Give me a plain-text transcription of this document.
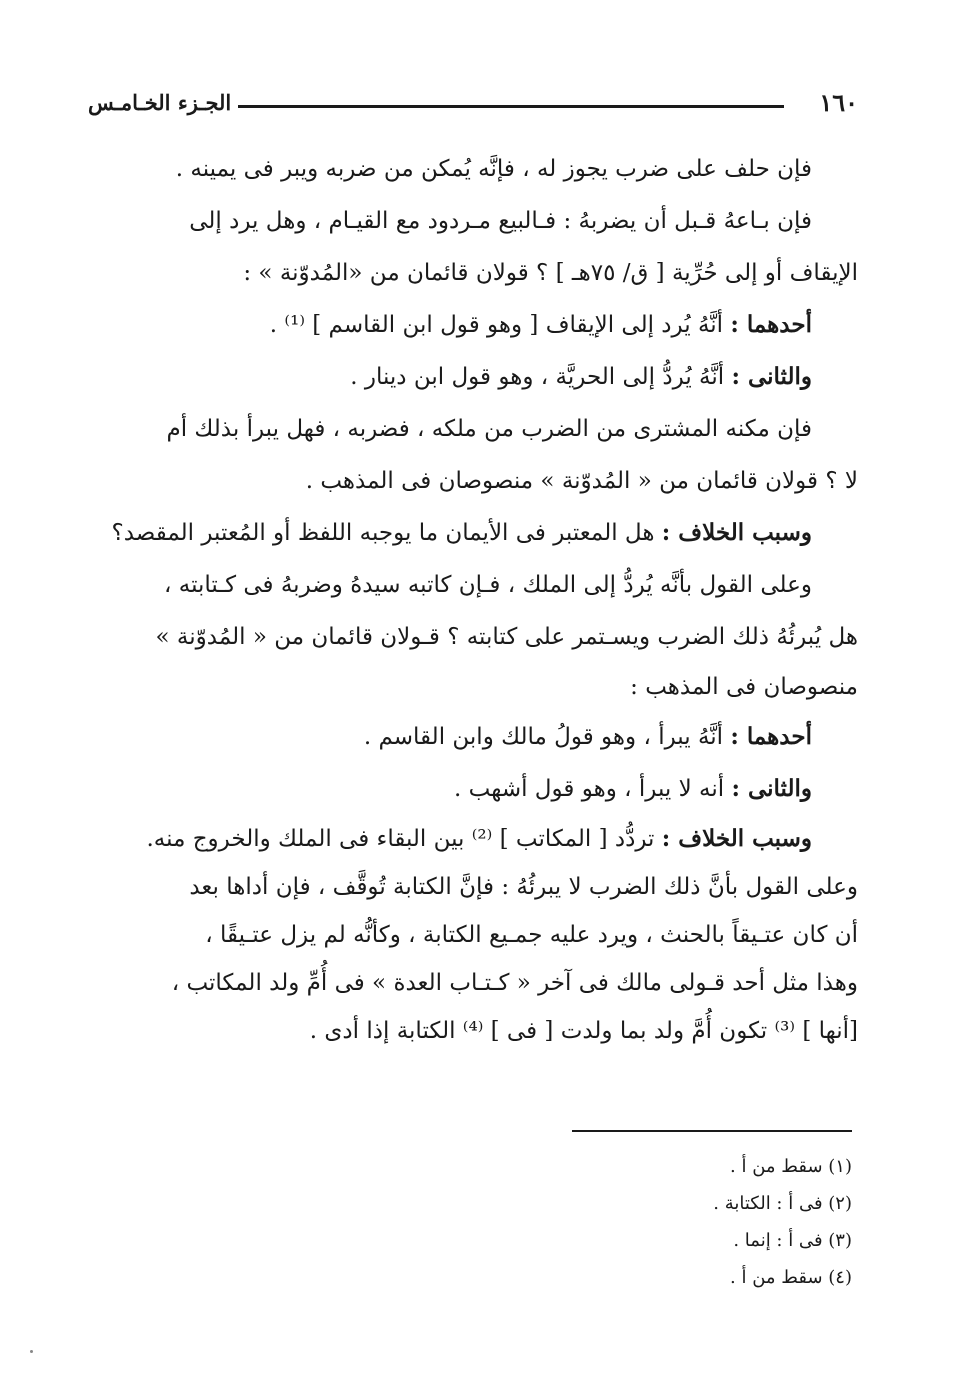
١٦٠
الجـزء الخـامـس
فإن حلف على ضرب يجوز له ، فإنَّه يُمكن من ضربه ويبر فى يمينه .
فإن بـاعهُ قـبل أن يضربهُ : فـالبيع مـردود مع القيـام ، وهل يرد إلى
الإيقاف أو إلى حُرِّية [ ق/ ٧٥هـ ] ؟ قولان قائمان من «المُدوّنة » :
أحدهما : أنَّهُ يُرد إلى الإيقاف [ وهو قول ابن القاسم ] ⁽¹⁾ .
والثانى : أنَّهُ يُردُّ إلى الحريَّة ، وهو قول ابن دينار .
فإن مكنه المشترى من الضرب من ملكه ، فضربه ، فهل يبرأ بذلك أم
لا ؟ قولان قائمان من « المُدوّنة » منصوصان فى المذهب .
وسبب الخلاف : هل المعتبر فى الأيمان ما يوجبه اللفظ أو المُعتبر المقصد؟
وعلى القول بأنَّه يُردُّ إلى الملك ، فـإن كاتبه سيدهُ وضربهُ فى كـتابته ،
هل يُبرئُهُ ذلك الضرب ويسـتمر على كتابته ؟ قـولان قائمان من « المُدوّنة »
منصوصان فى المذهب :
أحدهما : أنَّهُ يبرأ ، وهو قولُ مالك وابن القاسم .
والثانى : أنه لا يبرأ ، وهو قول أشهب .
وسبب الخلاف : تردُّد [ المكاتب ] ⁽²⁾ بين البقاء فى الملك والخروج منه.
وعلى القول بأنَّ ذلك الضرب لا يبرئُهُ : فإنَّ الكتابة تُوقَّف ، فإن أداها بعد
أن كان عتـيقاً بالحنث ، ويرد عليه جمـيع الكتابة ، وكأنُّه لم يزل عتـيقًا ،
وهذا مثل أحد قـولى مالك فى آخر « كـتـاب العدة » فى أُمِّ ولد المكاتب ،
[أنها ] ⁽³⁾ تكون أُمَّ ولد بما ولدت [ فى ] ⁽⁴⁾ الكتابة إذا أدى .
(١) سقط من أ .
(٢) فى أ : الكتابة .
(٣) فى أ : إنما .
(٤) سقط من أ .
